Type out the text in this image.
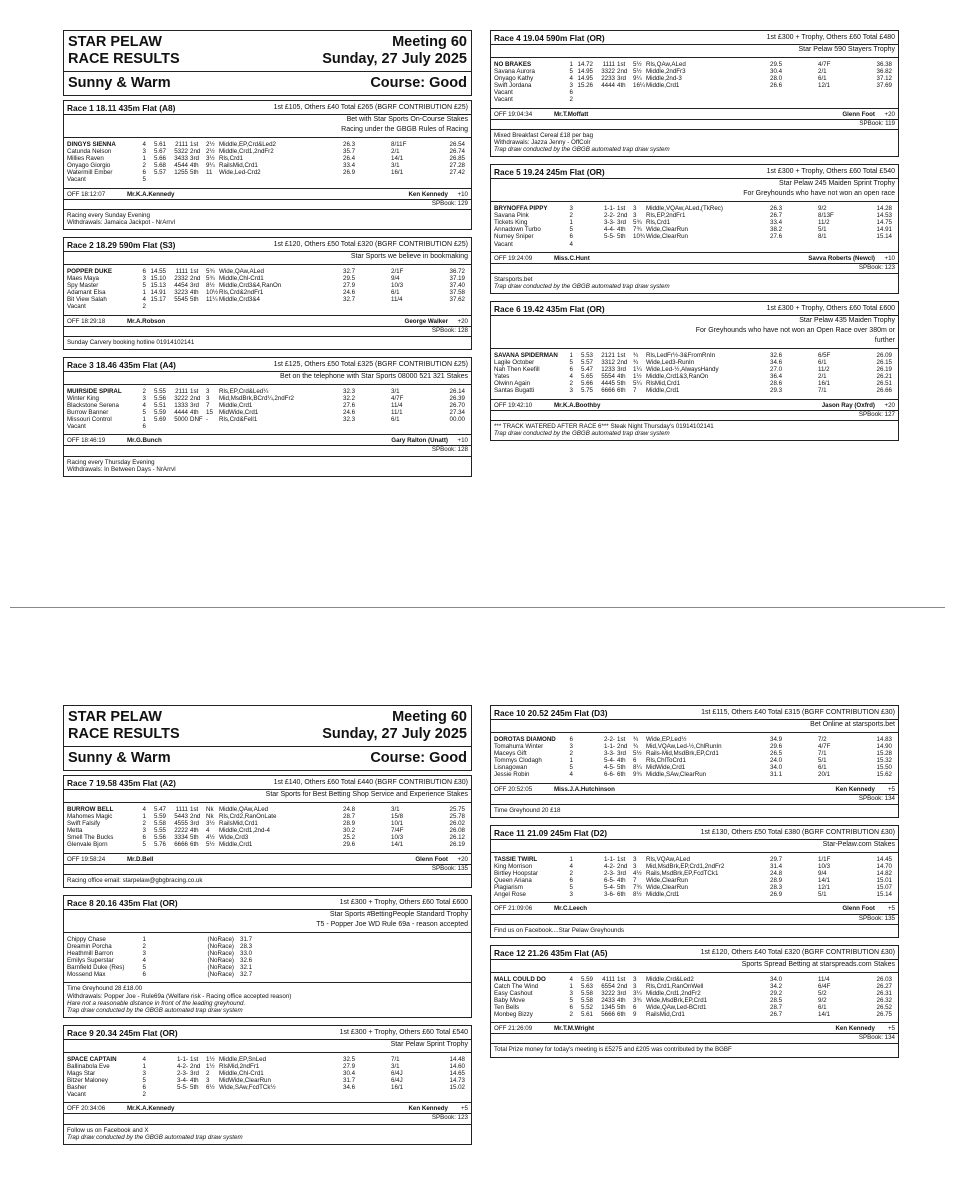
STAR PELAW
RACE RESULTS
Meeting 60
Sunday, 27 July 2025
Sunny & Warm	Course: Good
Race 1 18.11 435m Flat (A8)	1st £105, Others £40 Total £265 (BGRF CONTRIBUTION £25)
Bet with Star Sports On-Course Stakes
Racing under the GBGB Rules of Racing
DINGYS SIENNA	4	5.61	2111 1st	2½ Middle,EP,Crd&Led2	26.3	8/11F	26.54
Catunda Nelson	3	5.67	5322 2nd 2½ Middle,Crd1,2ndFr2	35.7	2/1	26.74
Millies Raven	1	5.66	3433 3rd	3½ Rls,Crd1	26.4	14/1	26.85
Onyago Giorgio	2	5.68	4544 4th	9¼ RailsMid,Crd1	33.4	3/1	27.28
Watermill Ember	6	5.57	1255 5th	11	Wide,Led-Crd2	26.9	16/1	27.42
Vacant	5
OFF 18:12:07	Mr.K.A.Kennedy	Ken Kennedy	+10
SPBook: 129
Racing every Sunday Evening
Withdrawals: Jamaica Jackpot - NrArrvl
Race 2 18.29 590m Flat (S3)	1st £120, Others £50 Total £320 (BGRF CONTRIBUTION £25)
Star Sports we believe in bookmaking
POPPER DUKE	6 14.55	1111 1st	5¾ Wide,QAw,ALed	32.7	2/1F	36.72
Maes Maya	3 15.10	2332 2nd 5¾ Middle,Chl-Crd1	29.5	9/4	37.19
Spy Master	5 15.13	4454 3rd	8½ Middle,Crd3&4,RanOn	27.9	10/3	37.40
Adamant Elsa	1 14.91	3223 4th	10½ Rls,Crd&2ndFr1	24.6	6/1	37.58
Bit View Salah	4 15.17	5545 5th	11¼ Middle,Crd3&4	32.7	11/4	37.62
Vacant	2
OFF 18:29:18	Mr.A.Robson	George Walker	+20
SPBook: 128
Sunday Carvery booking hotline 01914102141
Race 3 18.46 435m Flat (A4)	1st £125, Others £50 Total £325 (BGRF CONTRIBUTION £25)
Bet on the telephone with Star Sports 08000 521 321 Stakes
MUIRSIDE SPIRAL	2	5.55	2111 1st	3	Rls,EP,Crd&Led¼	32.3	3/1	26.14
Winter King	3	5.56	3222 2nd 3	Mid,MsdBrk,BCrd¼,2ndFr2	32.2	4/7F	26.39
Blackstone Serena	4	5.51	1333 3rd	7	Middle,Crd1	27.6	11/4	26.70
Burrow Banner	5	5.59	4444 4th	15 MidWide,Crd1	24.6	11/1	27.34
Missouri Control	1	5.69	5000 DNF -	Rls,Crd&Fell1	32.3	6/1	00.00
Vacant	6
OFF 18:46:19	Mr.G.Bunch	Gary Ralton (Unatt)	+10
SPBook: 128
Racing every Thursday Evening
Withdrawals: In Between Days - NrArrvl
Race 4 19.04 590m Flat (OR)	1st £300 + Trophy, Others £60 Total £480
Star Pelaw 590 Stayers Trophy
NO BRAKES	1 14.72	1111 1st	5½ Rls,QAw,ALed	29.5	4/7F	36.38
Savana Aurora	5 14.95	3322 2nd 5½ Middle,2ndFr3	30.4	2/1	36.82
Onyago Kathy	4 14.95	2233 3rd	9¼ Middle,2nd-3	28.0	6/1	37.12
Swift Jordana	3 15.26	4444 4th	16¼ Middle,Crd1	26.6	12/1	37.69
Vacant	6
Vacant	2
OFF 19:04:34	Mr.T.Moffatt	Glenn Foot	+20
SPBook: 119
Mixed Breakfast Cereal £18 per bag
Withdrawals: Jazza Jenny - OffColr
Trap draw conducted by the GBGB automated trap draw system
Race 5 19.24 245m Flat (OR)	1st £300 + Trophy, Others £60 Total £540
Star Pelaw 245 Maiden Sprint Trophy
For Greyhounds who have not won an open race
BRYNOFFA PIPPY	3	1-1- 1st	3	Middle,VQAw,ALed,(TkRec)	26.3	9/2	14.28
Savana Pink	2	2-2- 2nd 3	Rls,EP,2ndFr1	26.7	8/13F	14.53
Tickets King	1	3-3- 3rd	5¾ Rls,Crd1	33.4	11/2	14.75
Annadown Turbo	5	4-4- 4th	7¾ Wide,ClearRun	38.2	5/1	14.91
Nurney Sniper	6	5-5- 5th	10¾ Wide,ClearRun	27.6	8/1	15.14
Vacant	4
OFF 19:24:09	Miss.C.Hunt	Savva Roberts (Newcl)	+10
SPBook: 123
Starsports.bet
Trap draw conducted by the GBGB automated trap draw system
Race 6 19.42 435m Flat (OR)	1st £300 + Trophy, Others £60 Total £600
Star Pelaw 435 Maiden Trophy
For Greyhounds who have not won an Open Race over 380m or
further
SAVANA SPIDERMAN	1	5.53	2121 1st	¾	Rls,LedFr½-3&FromRnIn	32.6	6/5F	26.09
Lagile October	5	5.57	3312 2nd ¾	Wide,Led3-RunIn	34.6	6/1	26.15
Nah Then Keefill	6	5.47	1233 3rd	1¼ Wide,Led-½,AlwaysHandy	27.0	11/2	26.19
Yates	4	5.65	5554 4th	1½ Middle,Crd1&3,RanOn	36.4	2/1	26.21
Olwinn Again	2	5.66	4445 5th	5¼ RlsMid,Crd1	28.6	16/1	26.51
Santas Bugatti	3	5.75	6666 6th	7	Middle,Crd1	29.3	7/1	26.66
OFF 19:42:10	Mr.K.A.Boothby	Jason Ray (Oxfrd)	+20
SPBook: 127
*** TRACK WATERED AFTER RACE 6*** Steak Night Thursday's 01914102141
Trap draw conducted by the GBGB automated trap draw system
STAR PELAW
RACE RESULTS
Meeting 60
Sunday, 27 July 2025
Sunny & Warm	Course: Good
Race 7 19.58 435m Flat (A2)	1st £140, Others £60 Total £440 (BGRF CONTRIBUTION £30)
Star Sports for Best Betting Shop Service and Experience Stakes
BURROW BELL	4	5.47	1111 1st	Nk Middle,QAw,ALed	24.8	3/1	25.75
Mahomes Magic	1	5.59	5443 2nd Nk Rls,Crd2,RanOnLate	28.7	15/8	25.78
Swift Falsify	2	5.58	4555 3rd	3½ RailsMid,Crd1	28.9	10/1	26.02
Metta	3	5.55	2222 4th	4	Middle,Crd1,2nd-4	30.2	7/4F	26.08
Smell The Bucks	6	5.56	3334 5th	4½ Wide,Crd3	25.2	10/3	26.12
Glenvale Bjorn	5	5.76	6666 6th	5½ Middle,Crd1	29.6	14/1	26.19
OFF 19:58:24	Mr.D.Bell	Glenn Foot	+20
SPBook: 135
Racing office email: starpelaw@gbgbracing.co.uk
Race 8 20.16 435m Flat (OR)	1st £300 + Trophy, Others £60 Total £600
Star Sports #BettingPeople Standard Trophy
T5 - Popper Joe WD Rule 69a - reason accepted
Chippy Chase	1	(NoRace) 31.7
Dreamin Porcha	2	(NoRace) 28.3
Heathmill Barron	3	(NoRace) 33.0
Emilys Superstar	4	(NoRace) 32.6
Barnfield Duke (Res)	5	(NoRace) 32.1
Mossend Max	6	(NoRace) 32.7
Time Greyhound 28 £18.00
Withdrawals: Popper Joe - Rule69a (Welfare risk - Racing office accepted reason)
Hare not a reasonable distance in front of the leading greyhound.
Trap draw conducted by the GBGB automated trap draw system
Race 9 20.34 245m Flat (OR)	1st £300 + Trophy, Others £60 Total £540
Star Pelaw Sprint Trophy
SPACE CAPTAIN	4	1-1- 1st	1½ Middle,EP,SnLed	32.5	7/1	14.48
Ballinabola Eve	1	4-2- 2nd 1½ RlsMid,2ndFr1	27.9	3/1	14.60
Mags Star	3	2-3- 3rd	2	Middle,Chl-Crd1	30.4	6/4J	14.65
Bitzer Maloney	5	3-4- 4th	3	MidWide,ClearRun	31.7	6/4J	14.73
Basher	6	5-5- 5th	6½ Wide,SAw,FcdTCk½	34.6	16/1	15.02
Vacant	2
OFF 20:34:06	Mr.K.A.Kennedy	Ken Kennedy	+5
SPBook: 123
Follow us on Facebook and X
Trap draw conducted by the GBGB automated trap draw system
Race 10 20.52 245m Flat (D3)	1st £115, Others £40 Total £315 (BGRF CONTRIBUTION £30)
Bet Online at starsports.bet
DOROTAS DIAMOND	6	2-2- 1st	¾	Wide,EP,Led½	34.9	7/2	14.83
Tomahurra Winter	3	1-1- 2nd ¾	Mid,VQAw,Led-½,ChlRunIn	29.6	4/7F	14.90
Maceys Gift	2	3-3- 3rd	5½ Rails-Mid,MsdBrk,EP,Crd1	26.5	7/1	15.28
Tommys Clodagh	1	5-4- 4th	6	Rls,ChlToCrd1	24.0	5/1	15.32
Lisnagowan	5	4-5- 5th	8¼ MidWide,Crd1	34.0	6/1	15.50
Jessie Robin	4	6-6- 6th	9¾ Middle,SAw,ClearRun	31.1	20/1	15.62
OFF 20:52:05	Miss.J.A.Hutchinson	Ken Kennedy	+5
SPBook: 134
Time Greyhound 20 £18
Race 11 21.09 245m Flat (D2)	1st £130, Others £50 Total £380 (BGRF CONTRIBUTION £30)
Star-Pelaw.com Stakes
TASSIE TWIRL	1	1-1- 1st	3	Rls,VQAw,ALed	29.7	1/1F	14.45
King Morrison	4	4-2- 2nd 3	Mid,MsdBrk,EP,Crd1,2ndFr2	31.4	10/3	14.70
Birtley Hoopstar	2	2-3- 3rd	4½ Rails,MsdBrk,EP,FcdTCk1	24.8	9/4	14.82
Queen Ariana	6	6-5- 4th	7	Wide,ClearRun	28.9	14/1	15.01
Plagiarism	5	5-4- 5th	7¾ Wide,ClearRun	28.3	12/1	15.07
Angel Rose	3	3-6- 6th	8½ Middle,Crd1	26.9	5/1	15.14
OFF 21:09:06	Mr.C.Leech	Glenn Foot	+5
SPBook: 135
Find us on Facebook....Star Pelaw Greyhounds
Race 12 21.26 435m Flat (A5)	1st £120, Others £40 Total £320 (BGRF CONTRIBUTION £30)
Sports Spread Betting at starspreads.com Stakes
MALL COULD DO	4	5.59	4111 1st	3	Middle,Crd&Led2	34.0	11/4	26.03
Catch The Wind	1	5.63	6554 2nd 3	Rls,Crd1,RanOnWell	34.2	6/4F	26.27
Easy Cashout	3	5.58	3222 3rd	3¼ Middle,Crd1,2ndFr2	29.2	5/2	26.31
Baby Move	5	5.58	2433 4th	3¾ Wide,MsdBrk,EP,Crd1	28.5	9/2	26.32
Ten Bells	6	5.52	1345 5th	6	Wide,QAw,Led-BCrd1	28.7	6/1	26.52
Monbeg Bizzy	2	5.61	5666 6th	9	RailsMid,Crd1	26.7	14/1	26.75
OFF 21:26:09	Mr.T.M.Wright	Ken Kennedy	+5
SPBook: 134
Total Prize money for today's meeting is £5275 and £205 was contributed by the BGBF
